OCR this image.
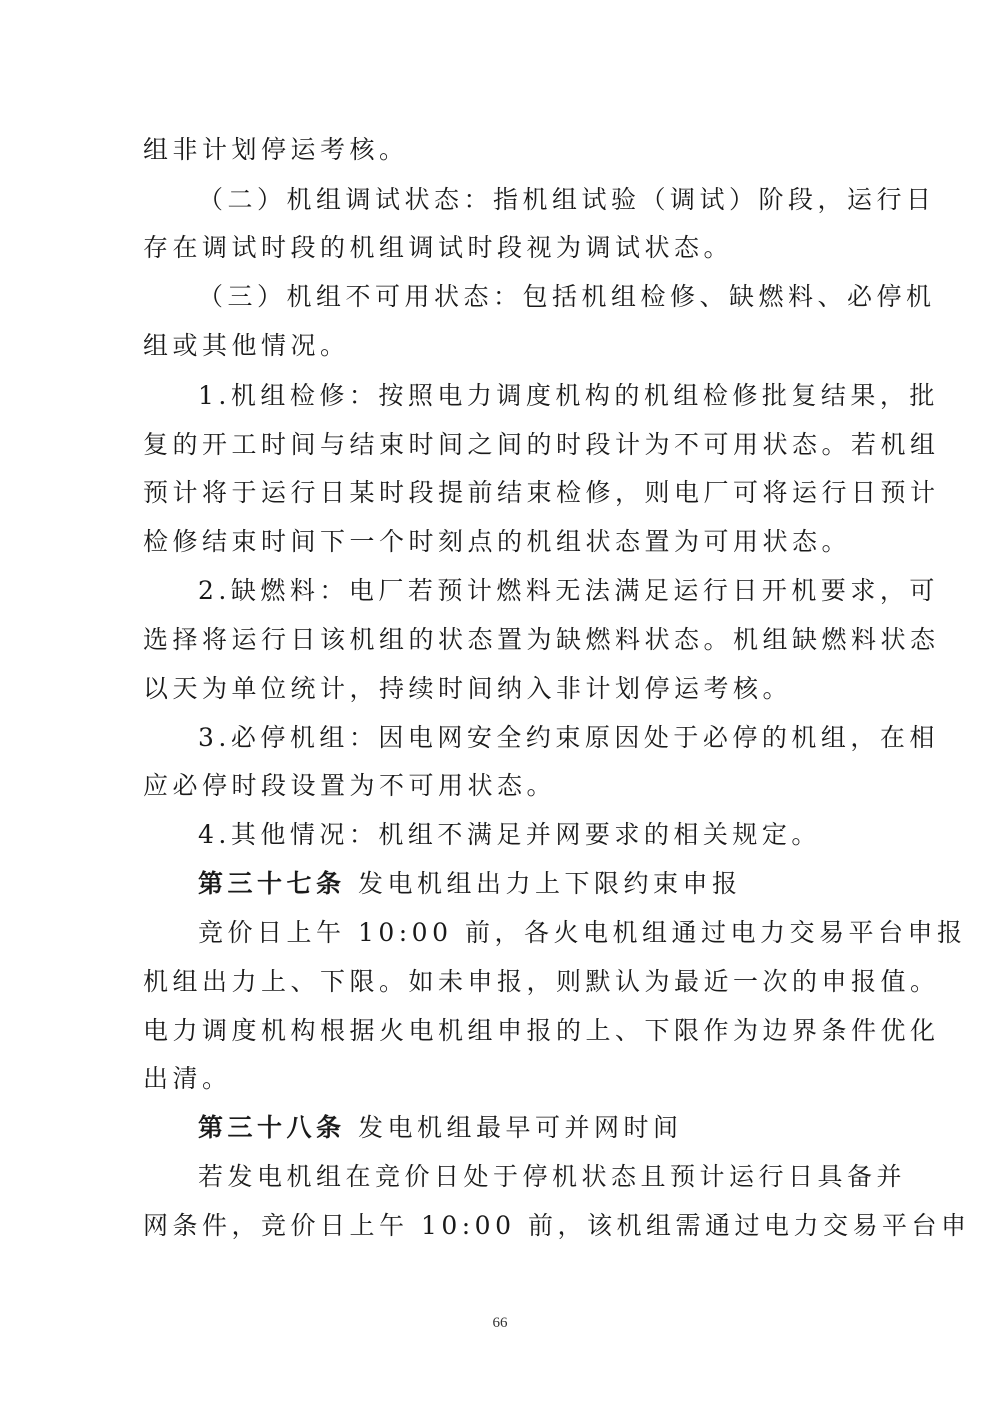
组非计划停运考核。
（二）机组调试状态：指机组试验（调试）阶段，运行日
存在调试时段的机组调试时段视为调试状态。
（三）机组不可用状态：包括机组检修、缺燃料、必停机
组或其他情况。
1.机组检修：按照电力调度机构的机组检修批复结果，批
复的开工时间与结束时间之间的时段计为不可用状态。若机组
预计将于运行日某时段提前结束检修，则电厂可将运行日预计
检修结束时间下一个时刻点的机组状态置为可用状态。
2.缺燃料：电厂若预计燃料无法满足运行日开机要求，可
选择将运行日该机组的状态置为缺燃料状态。机组缺燃料状态
以天为单位统计，持续时间纳入非计划停运考核。
3.必停机组：因电网安全约束原因处于必停的机组，在相
应必停时段设置为不可用状态。
4.其他情况：机组不满足并网要求的相关规定。
第三十七条 发电机组出力上下限约束申报
竞价日上午 10:00 前，各火电机组通过电力交易平台申报
机组出力上、下限。如未申报，则默认为最近一次的申报值。
电力调度机构根据火电机组申报的上、下限作为边界条件优化
出清。
第三十八条 发电机组最早可并网时间
若发电机组在竞价日处于停机状态且预计运行日具备并
网条件，竞价日上午 10:00 前，该机组需通过电力交易平台申
66
